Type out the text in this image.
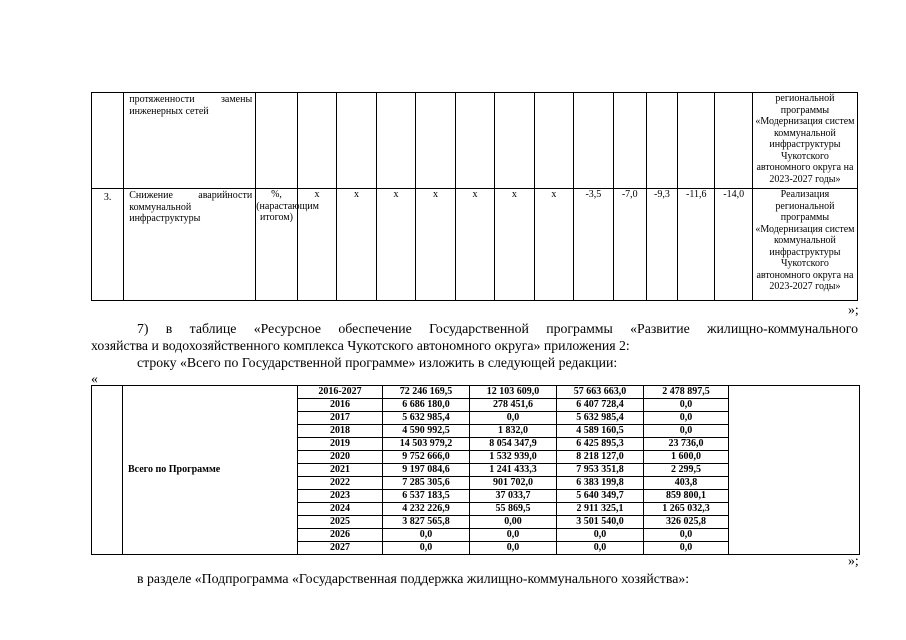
	протяженности замены инженерных сетей														региональной программы «Модернизация систем коммунальной инфраструктуры Чукотского автономного округа на 2023-2027 годы»
3.	Снижение аварийности коммунальной инфраструктуры	%, (нарастающим итогом)	х	х	х	х	х	х	х	-3,5	-7,0	-9,3	-11,6	-14,0	Реализация региональной программы «Модернизация систем коммунальной инфраструктуры Чукотского автономного округа на 2023-2027 годы»
»;
7) в таблице «Ресурсное обеспечение Государственной программы «Развитие жилищно-коммунального
хозяйства и водохозяйственного комплекса Чукотского автономного округа» приложения 2:
строку «Всего по Государственной программе» изложить в следующей редакции:
«
	Всего по Программе	2016-2027	72 246 169,5	12 103 609,0	57 663 663,0	2 478 897,5	
		2016	6 686 180,0	278 451,6	6 407 728,4	0,0	
		2017	5 632 985,4	0,0	5 632 985,4	0,0	
		2018	4 590 992,5	1 832,0	4 589 160,5	0,0	
		2019	14 503 979,2	8 054 347,9	6 425 895,3	23 736,0	
		2020	9 752 666,0	1 532 939,0	8 218 127,0	1 600,0	
		2021	9 197 084,6	1 241 433,3	7 953 351,8	2 299,5	
		2022	7 285 305,6	901 702,0	6 383 199,8	403,8	
		2023	6 537 183,5	37 033,7	5 640 349,7	859 800,1	
		2024	4 232 226,9	55 869,5	2 911 325,1	1 265 032,3	
		2025	3 827 565,8	0,00	3 501 540,0	326 025,8	
		2026	0,0	0,0	0,0	0,0	
		2027	0,0	0,0	0,0	0,0	
»;
в разделе «Подпрограмма «Государственная поддержка жилищно-коммунального хозяйства»:
